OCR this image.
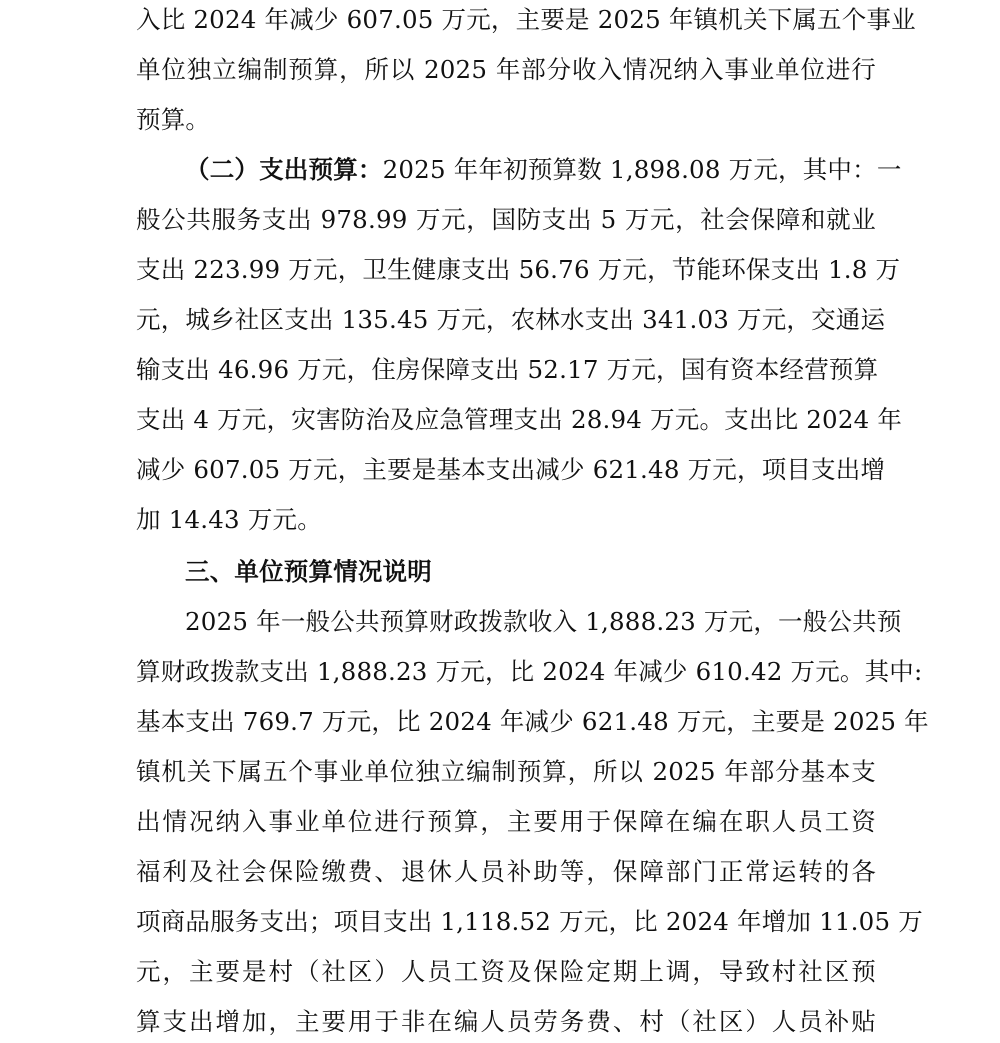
入比 2024 年减少 607.05 万元，主要是 2025 年镇机关下属五个事业
单位独立编制预算，所以 2025 年部分收入情况纳入事业单位进行
预算。
（二）支出预算：2025 年年初预算数 1,898.08 万元，其中：一
般公共服务支出 978.99 万元，国防支出 5 万元，社会保障和就业
支出 223.99 万元，卫生健康支出 56.76 万元，节能环保支出 1.8 万
元，城乡社区支出 135.45 万元，农林水支出 341.03 万元，交通运
输支出 46.96 万元，住房保障支出 52.17 万元，国有资本经营预算
支出 4 万元，灾害防治及应急管理支出 28.94 万元。支出比 2024 年
减少 607.05 万元，主要是基本支出减少 621.48 万元，项目支出增
加 14.43 万元。
三、单位预算情况说明
2025 年一般公共预算财政拨款收入 1,888.23 万元，一般公共预
算财政拨款支出 1,888.23 万元，比 2024 年减少 610.42 万元。其中:
基本支出 769.7 万元，比 2024 年减少 621.48 万元，主要是 2025 年
镇机关下属五个事业单位独立编制预算，所以 2025 年部分基本支
出情况纳入事业单位进行预算，主要用于保障在编在职人员工资
福利及社会保险缴费、退休人员补助等，保障部门正常运转的各
项商品服务支出；项目支出 1,118.52 万元，比 2024 年增加 11.05 万
元，主要是村（社区）人员工资及保险定期上调，导致村社区预
算支出增加，主要用于非在编人员劳务费、村（社区）人员补贴
